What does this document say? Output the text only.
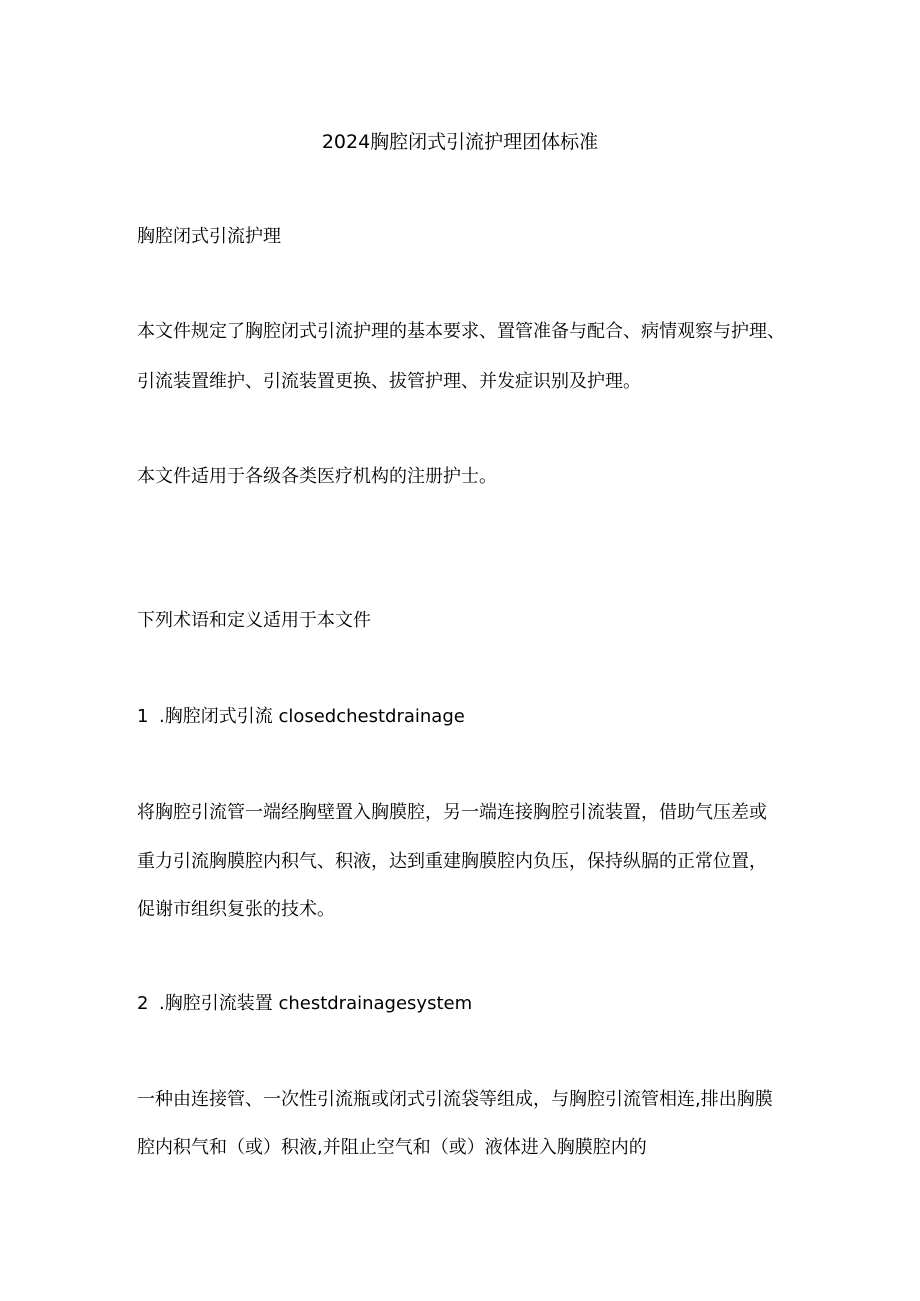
2024胸腔闭式引流护理团体标准
胸腔闭式引流护理
本文件规定了胸腔闭式引流护理的基本要求、置管准备与配合、病情观察与护理、
引流装置维护、引流装置更换、拔管护理、并发症识别及护理。
本文件适用于各级各类医疗机构的注册护士。
下列术语和定义适用于本文件
1 .胸腔闭式引流 closedchestdrainage
将胸腔引流管一端经胸壁置入胸膜腔，另一端连接胸腔引流装置，借助气压差或
重力引流胸膜腔内积气、积液，达到重建胸膜腔内负压，保持纵膈的正常位置，
促谢市组织复张的技术。
2 .胸腔引流装置 chestdrainagesystem
一种由连接管、一次性引流瓶或闭式引流袋等组成，与胸腔引流管相连,排出胸膜
腔内积气和（或）积液,并阻止空气和（或）液体进入胸膜腔内的
